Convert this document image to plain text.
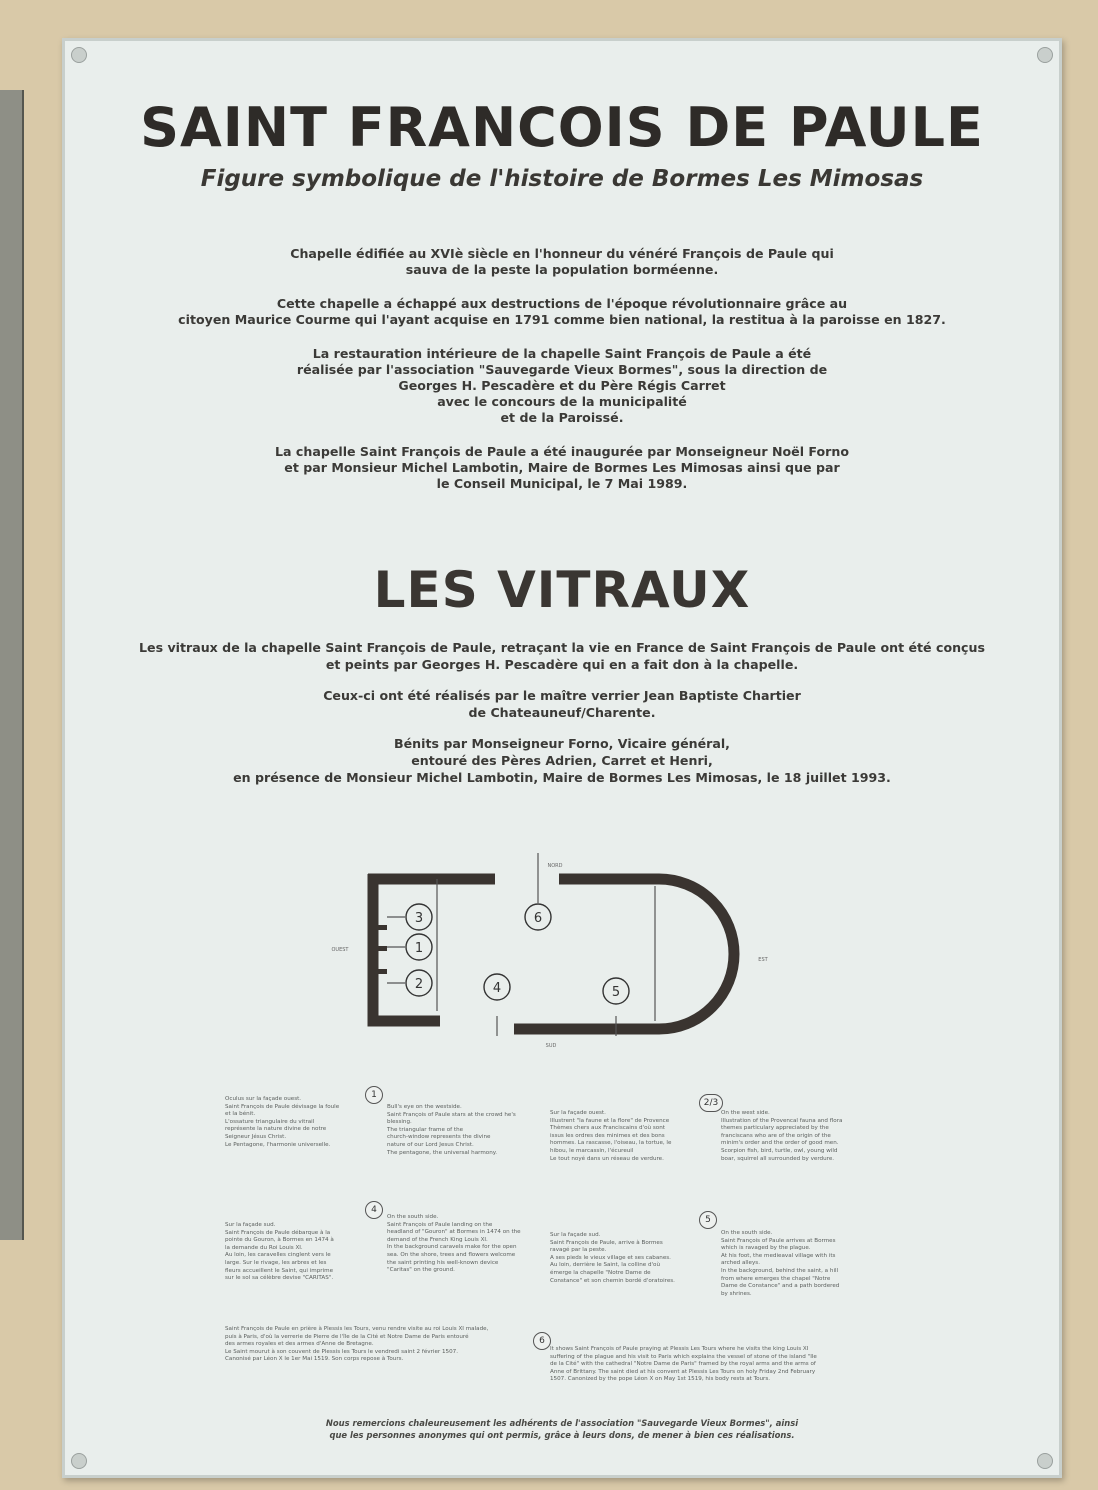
SAINT FRANCOIS DE PAULE
Figure symbolique de l'histoire de Bormes Les Mimosas

Chapelle édifiée au XVIè siècle en l'honneur du vénéré François de Paule qui
sauva de la peste la population borméenne.

Cette chapelle a échappé aux destructions de l'époque révolutionnaire grâce au
citoyen Maurice Courme qui l'ayant acquise en 1791 comme bien national, la restitua à la paroisse en 1827.

La restauration intérieure de la chapelle Saint François de Paule a été
réalisée par l'association "Sauvegarde Vieux Bormes", sous la direction de
Georges H. Pescadère et du Père Régis Carret
avec le concours de la municipalité
et de la Paroissé.

La chapelle Saint François de Paule a été inaugurée par Monseigneur Noël Forno
et par Monsieur Michel Lambotin, Maire de Bormes Les Mimosas ainsi que par
le Conseil Municipal, le 7 Mai 1989.

LES VITRAUX

Les vitraux de la chapelle Saint François de Paule, retraçant la vie en France de Saint François de Paule ont été conçus
et peints par Georges H. Pescadère qui en a fait don à la chapelle.

Ceux-ci ont été réalisés par le maître verrier Jean Baptiste Chartier
de Chateauneuf/Charente.

Bénits par Monseigneur Forno, Vicaire général,
entouré des Pères Adrien, Carret et Henri,
en présence de Monsieur Michel Lambotin, Maire de Bormes Les Mimosas, le 18 juillet 1993.

3
1
2	4
6
5
NORD
SUD
OUEST
EST
1
2/3
4
5
6
Oculus sur la façade ouest.
Saint François de Paule dévisage la foule
et la bénit.
L'ossature triangulaire du vitrail
représente la nature divine de notre
Seigneur Jésus Christ.
Le Pentagone, l'harmonie universelle.
Bull's eye on the westside.
Saint François of Paule stars at the crowd he's
blessing.
The triangular frame of the
church-window represents the divine
nature of our Lord Jesus Christ.
The pentagone, the universal harmony.
Sur la façade ouest.
Illustrent "la faune et la flore" de Provence
Thèmes chers aux Franciscains d'où sont
issus les ordres des minimes et des bons
hommes. La rascasse, l'oiseau, la tortue, le
hibou, le marcassin, l'écureuil
Le tout noyé dans un réseau de verdure.
On the west side.
Illustration of the Provencal fauna and flora
themes particulary appreciated by the
franciscans who are of the origin of the
minim's order and the order of good men.
Scorpion fish, bird, turtle, owl, young wild
boar, squirrel all surrounded by verdure.
Sur la façade sud.
Saint François de Paule débarque à la
pointe du Gouron, à Bormes en 1474 à
la demande du Roi Louis XI.
Au loin, les caravelles cinglent vers le
large. Sur le rivage, les arbres et les
fleurs accueillent le Saint, qui imprime
sur le sol sa célèbre devise "CARITAS".
On the south side.
Saint François of Paule landing on the
headland of "Gouron" at Bormes in 1474 on the
demand of the French King Louis XI.
In the background caravels make for the open
sea. On the shore, trees and flowers welcome
the saint printing his well-known device
"Caritas" on the ground.
Sur la façade sud.
Saint François de Paule, arrive à Bormes
ravagé par la peste.
A ses pieds le vieux village et ses cabanes.
Au loin, derrière le Saint, la colline d'où
émerge la chapelle "Notre Dame de
Constance" et son chemin bordé d'oratoires.
On the south side.
Saint François of Paule arrives at Bormes
which is ravaged by the plague.
At his foot, the medieaval village with its
arched alleys.
In the background, behind the saint, a hill
from where emerges the chapel "Notre
Dame de Constance" and a path bordered
by shrines.
Saint François de Paule en prière à Plessis les Tours, venu rendre visite au roi Louis XI malade,
puis à Paris, d'où la verrerie de Pierre de l'île de la Cité et Notre Dame de Paris entouré
des armes royales et des armes d'Anne de Bretagne.
Le Saint mourut à son couvent de Plessis les Tours le vendredi saint 2 février 1507.
Canonisé par Léon X le 1er Mai 1519. Son corps repose à Tours.
It shows Saint François of Paule praying at Plessis Les Tours where he visits the king Louis XI
suffering of the plague and his visit to Paris which explains the vessel of stone of the island "Ile
de la Cité" with the cathedral "Notre Dame de Paris" framed by the royal arms and the arms of
Anne of Brittany. The saint died at his convent at Plessis Les Tours on holy Friday 2nd February
1507. Canonized by the pope Léon X on May 1st 1519, his body rests at Tours.
Nous remercions chaleureusement les adhérents de l'association "Sauvegarde Vieux Bormes", ainsi
que les personnes anonymes qui ont permis, grâce à leurs dons, de mener à bien ces réalisations.
